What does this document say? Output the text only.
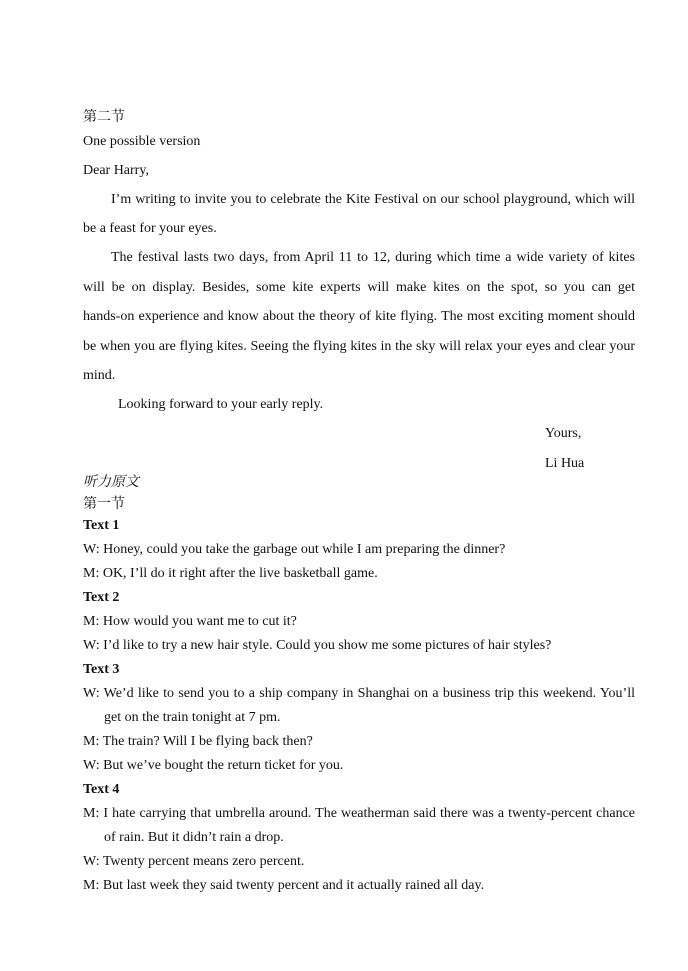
第二节
One possible version
Dear Harry,
I’m writing to invite you to celebrate the Kite Festival on our school playground, which will
be a feast for your eyes.
The festival lasts two days, from April 11 to 12, during which time a wide variety of kites
will be on display. Besides, some kite experts will make kites on the spot, so you can get
hands-on experience and know about the theory of kite flying. The most exciting moment should
be when you are flying kites. Seeing the flying kites in the sky will relax your eyes and clear your
mind.
Looking forward to your early reply.
Yours,
Li Hua
听力原文
第一节
Text 1
W: Honey, could you take the garbage out while I am preparing the dinner?
M: OK, I’ll do it right after the live basketball game.
Text 2
M: How would you want me to cut it?
W: I’d like to try a new hair style. Could you show me some pictures of hair styles?
Text 3
W: We’d like to send you to a ship company in Shanghai on a business trip this weekend. You’ll
get on the train tonight at 7 pm.
M: The train? Will I be flying back then?
W: But we’ve bought the return ticket for you.
Text 4
M: I hate carrying that umbrella around. The weatherman said there was a twenty-percent chance
of rain. But it didn’t rain a drop.
W: Twenty percent means zero percent.
M: But last week they said twenty percent and it actually rained all day.
